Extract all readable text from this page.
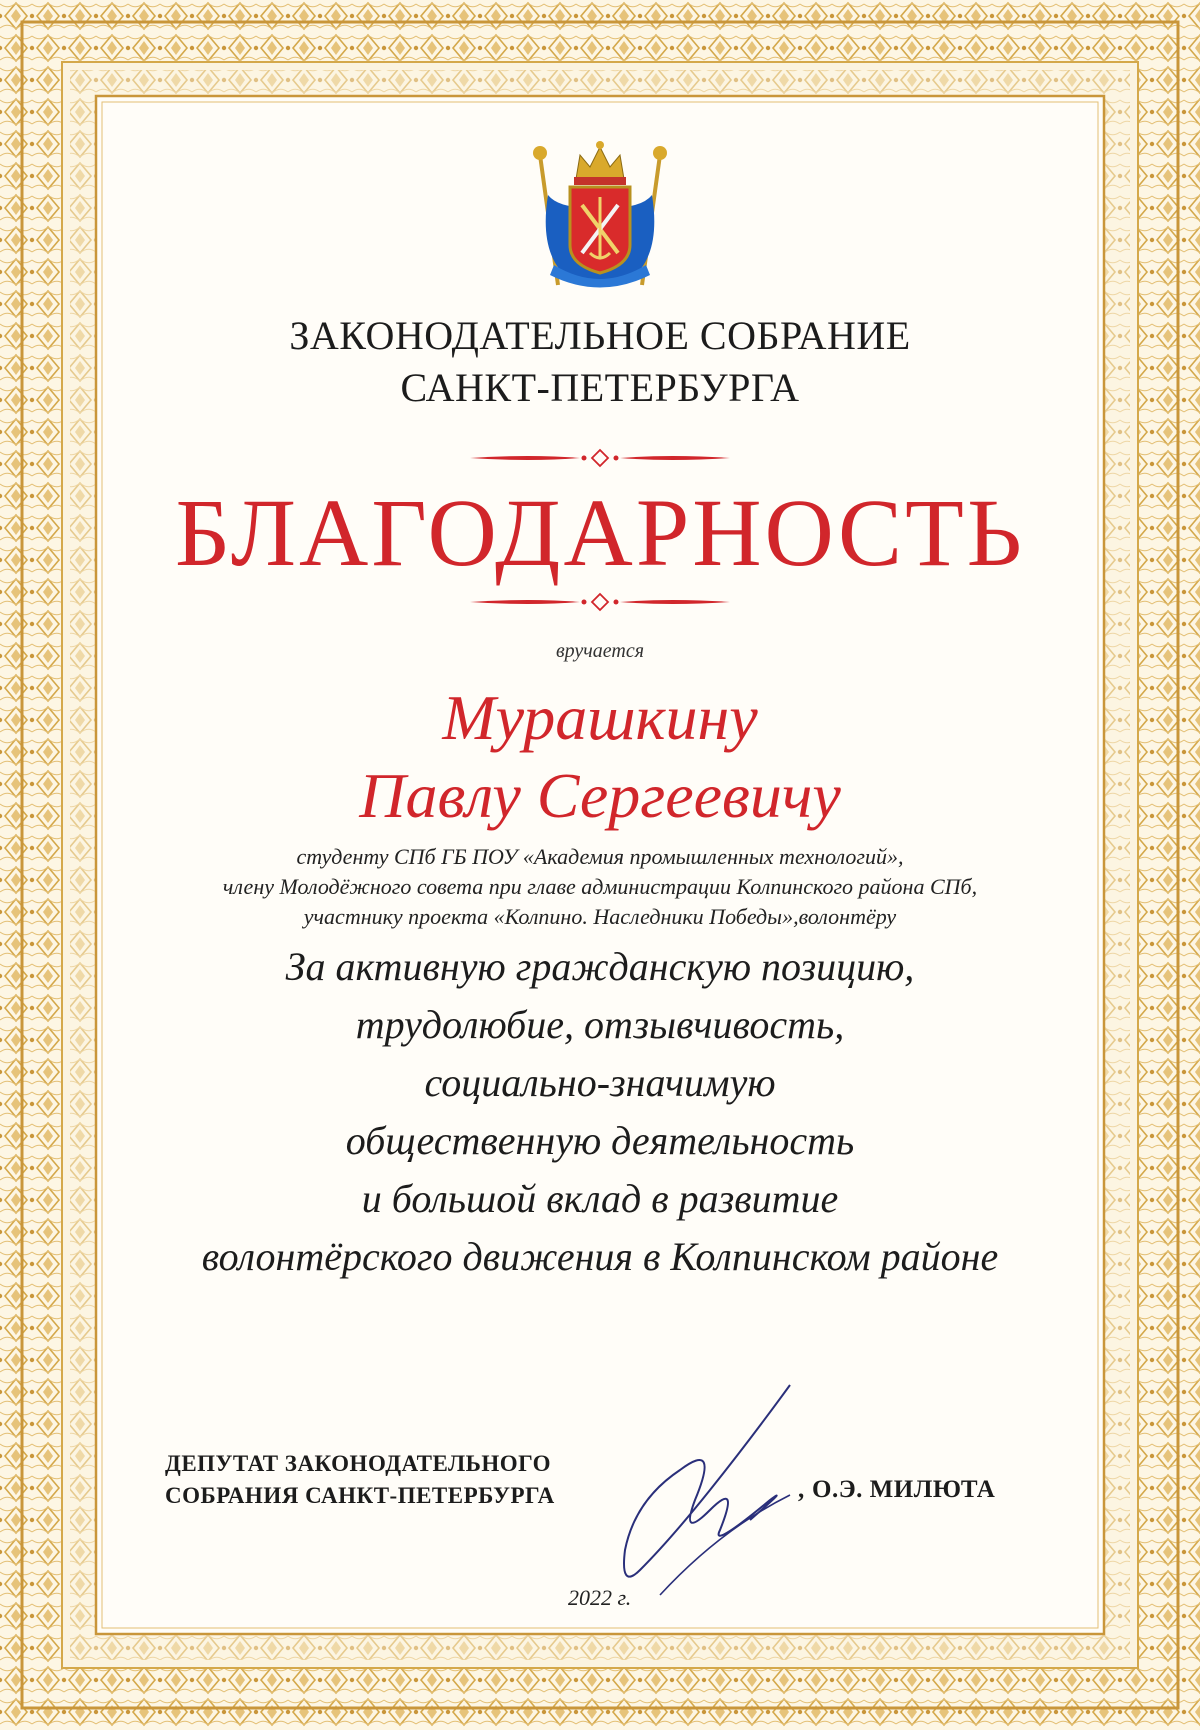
ЗАКОНОДАТЕЛЬНОЕ СОБРАНИЕ
САНКТ-ПЕТЕРБУРГА
БЛАГОДАРНОСТЬ
вручается
Мурашкину
Павлу Сергеевичу
студенту СПб ГБ ПОУ «Академия промышленных технологий»,
члену Молодёжного совета при главе администрации Колпинского района СПб,
участнику проекта «Колпино. Наследники Победы»,волонтёру
За активную гражданскую позицию,
трудолюбие, отзывчивость,
социально-значимую
общественную деятельность
и большой вклад в развитие
волонтёрского движения в Колпинском районе
ДЕПУТАТ ЗАКОНОДАТЕЛЬНОГО
СОБРАНИЯ САНКТ-ПЕТЕРБУРГА	, О.Э. МИЛЮТА
2022 г.
